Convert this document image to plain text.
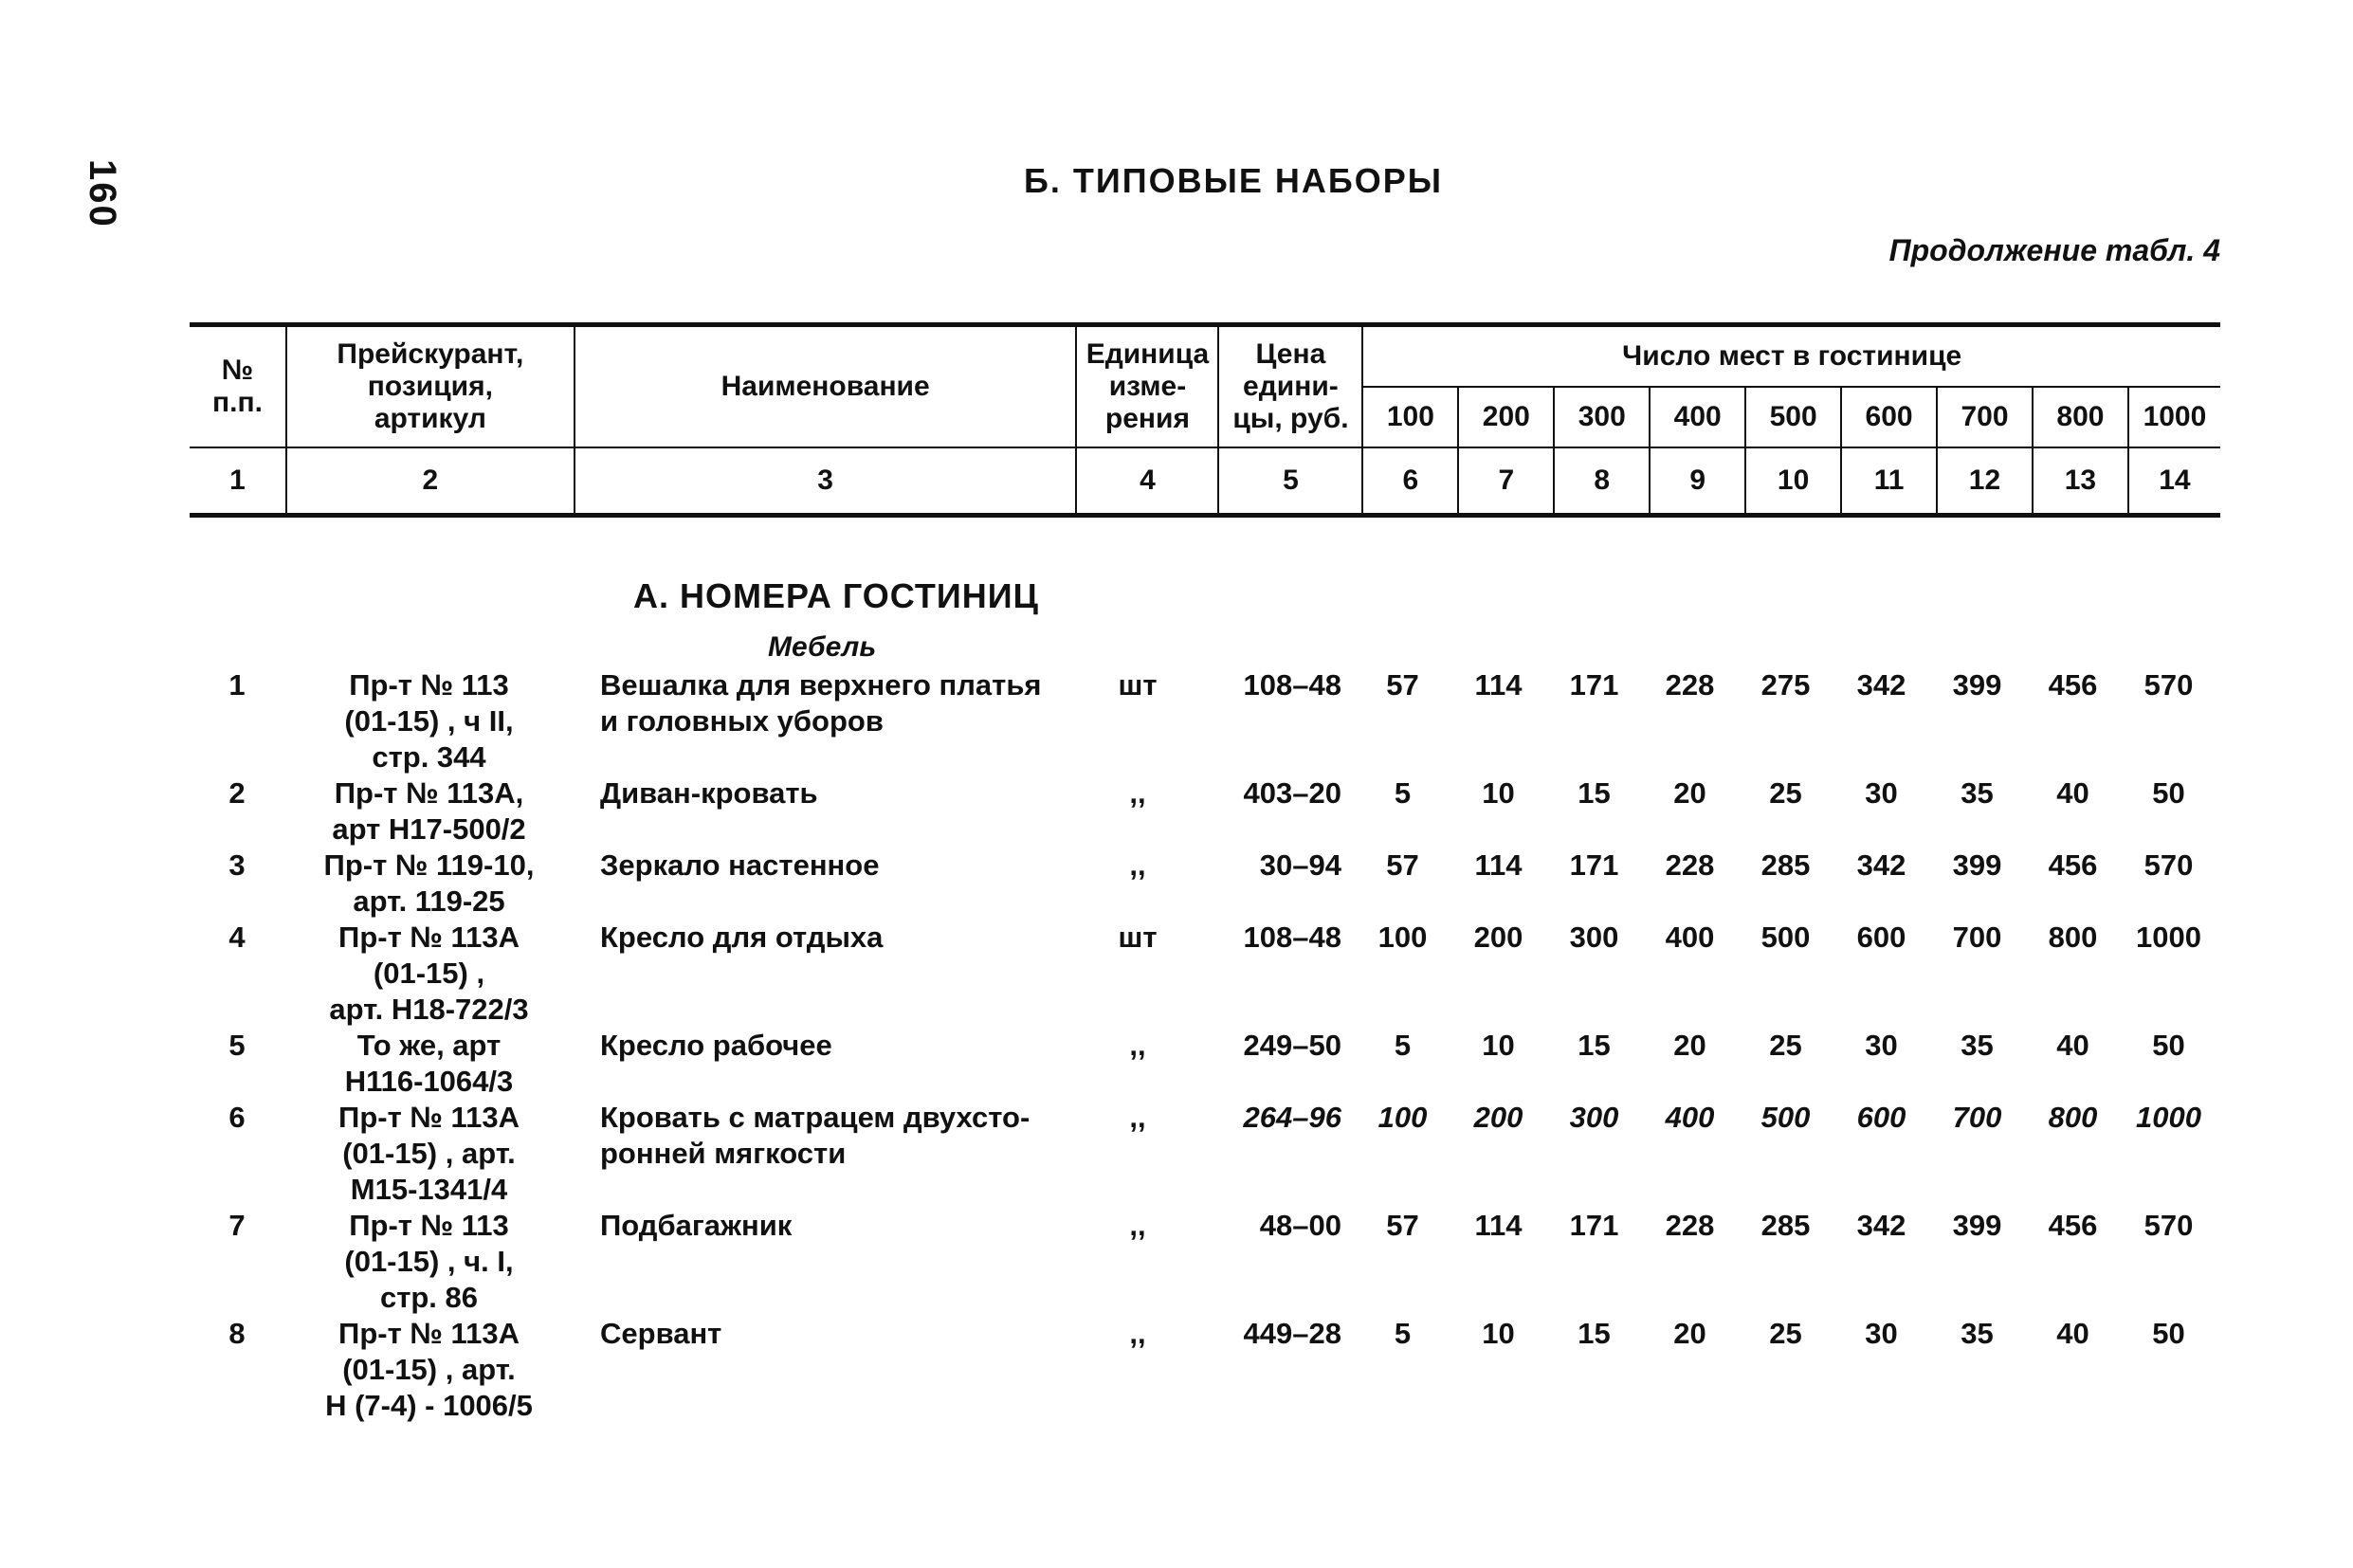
160	Б. ТИПОВЫЕ НАБОРЫ
Продолжение табл. 4
№
п.п.	Прейскурант,
позиция,
артикул	Наименование	Единица
изме-
рения	Цена
едини-
цы, руб.	Число мест в гостинице								
					100	200	300	400	500	600	700	800	1000
1	2	3	4	5	6	7	8	9	10	11	12	13	14
А. НОМЕРА ГОСТИНИЦ
Мебель
1	Пр-т № 113
(01-15) , ч II,
стр. 344
Вешалка для верхнего платья
и головных уборов
шт	108–48	57	114	171	228	275	342	399	456	570
2	Пр-т № 113А,
арт Н17-500/2
Диван-кровать	,,	403–20	5	10	15	20	25	30	35	40	50
3	Пр-т № 119-10,
арт. 119-25
Зеркало настенное	,,	30–94	57	114	171	228	285	342	399	456	570
4	Пр-т № 113А
(01-15) ,
арт. Н18-722/3
Кресло для отдыха	шт	108–48	100	200	300	400	500	600	700	800	1000
5	То же, арт
Н116-1064/3
Кресло рабочее	,,	249–50	5	10	15	20	25	30	35	40	50
6	Пр-т № 113А
(01-15) , арт.
М15-1341/4
Кровать с матрацем двухсто-
ронней мягкости
,,	264–96	100	200	300	400	500	600	700	800	1000
7	Пр-т № 113
(01-15) , ч. I,
стр. 86
Подбагажник	,,	48–00	57	114	171	228	285	342	399	456	570
8	Пр-т № 113А
(01-15) , арт.
Н (7-4) - 1006/5
Сервант	,,	449–28	5	10	15	20	25	30	35	40	50
